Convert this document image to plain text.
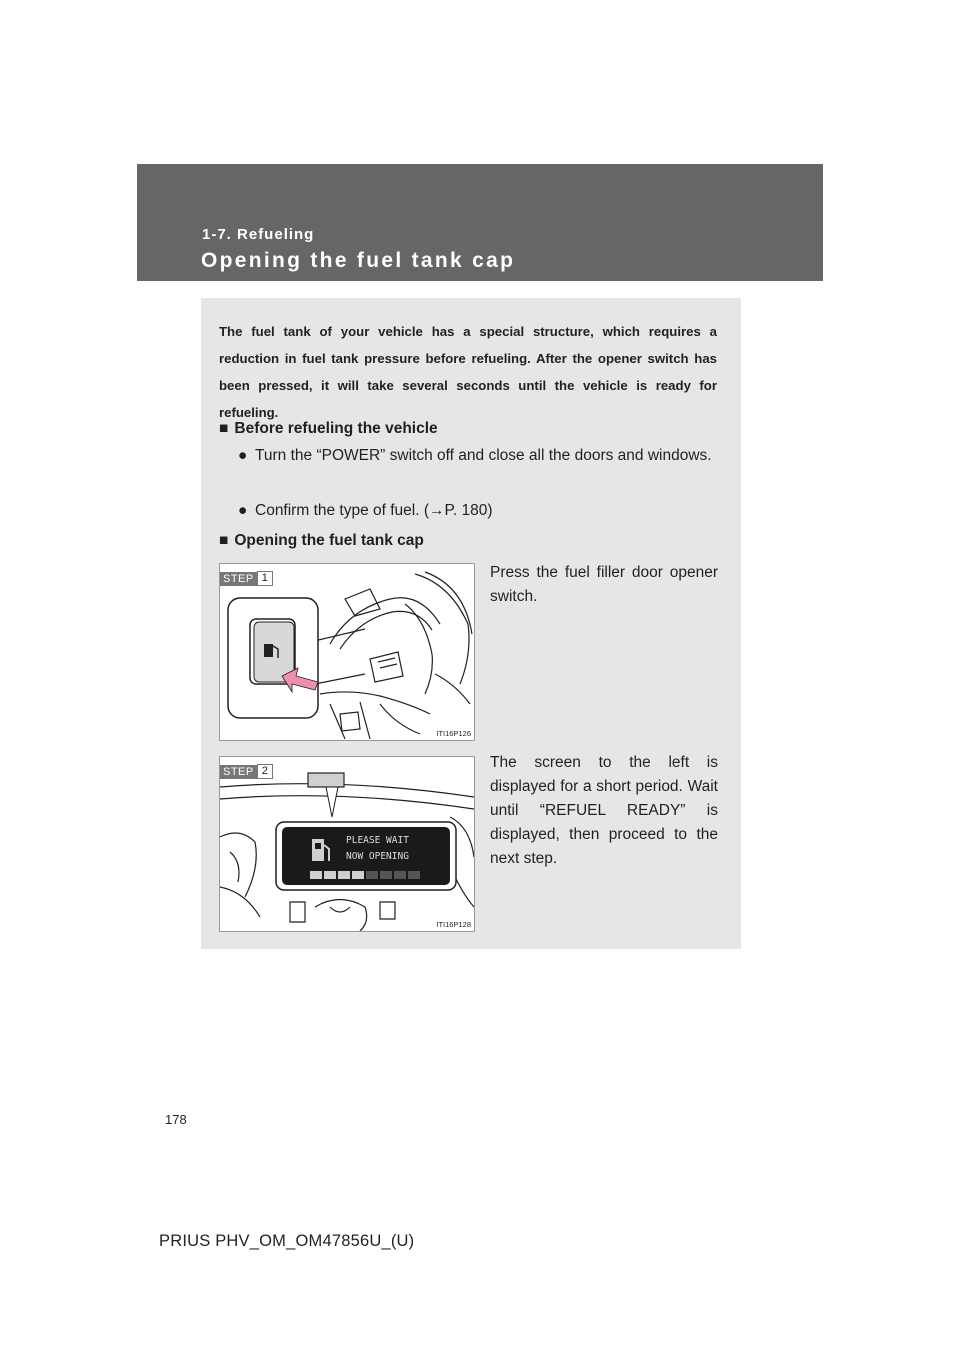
1-7. Refueling
Opening the fuel tank cap
The fuel tank of your vehicle has a special structure, which requires a reduction in fuel tank pressure before refueling. After the opener switch has been pressed, it will take several seconds until the vehicle is ready for refueling.
■ Before refueling the vehicle
● Turn the “POWER” switch off and close all the doors and windows.
● Confirm the type of fuel. (→P. 180)
■ Opening the fuel tank cap
STEP 1
ITI16P126
Press the fuel filler door opener switch.
PLEASE WAIT
NOW OPENING
STEP 2
ITI16P128
The screen to the left is displayed for a short period. Wait until “REFUEL READY” is displayed, then proceed to the next step.
178
PRIUS PHV_OM_OM47856U_(U)
